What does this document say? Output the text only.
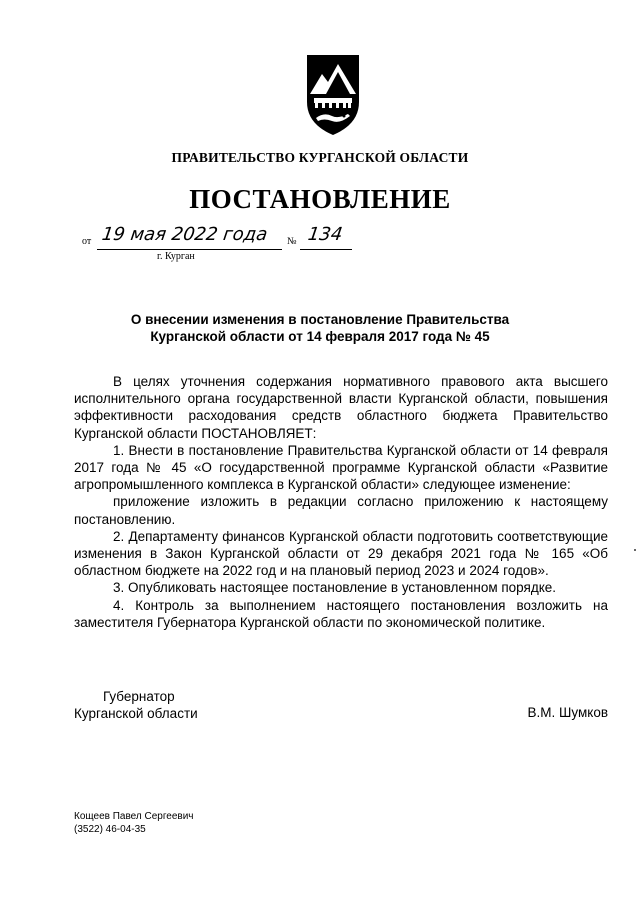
ПРАВИТЕЛЬСТВО КУРГАНСКОЙ ОБЛАСТИ
ПОСТАНОВЛЕНИЕ
от 19 мая 2022 года № 134
г. Курган
О внесении изменения в постановление Правительства
Курганской области от 14 февраля 2017 года № 45

В целях уточнения содержания нормативного правового акта высшего исполнительного органа государственной власти Курганской области, повышения эффективности расходования средств областного бюджета Правительство Курганской области ПОСТАНОВЛЯЕТ:

1. Внести в постановление Правительства Курганской области от 14 февраля 2017 года № 45 «О государственной программе Курганской области «Развитие агропромышленного комплекса в Курганской области» следующее изменение:

приложение изложить в редакции согласно приложению к настоящему постановлению.

2. Департаменту финансов Курганской области подготовить соответствующие изменения в Закон Курганской области от 29 декабря 2021 года № 165 «Об областном бюджете на 2022 год и на плановый период 2023 и 2024 годов».

3. Опубликовать настоящее постановление в установленном порядке.

4. Контроль за выполнением настоящего постановления возложить на заместителя Губернатора Курганской области по экономической политике.

Губернатор
Курганской области	В.М. Шумков
Кощеев Павел Сергеевич
(3522) 46-04-35
